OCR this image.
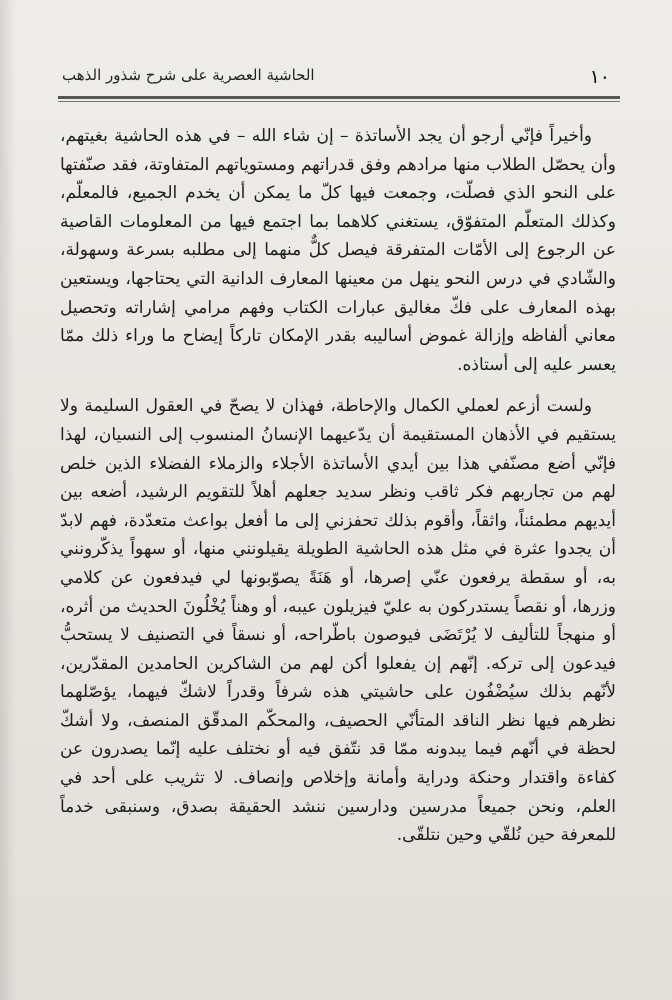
الحاشية العصرية على شرح شذور الذهب	١٠

وأخيراً فإنّي أرجو أن يجد الأساتذة – إن شاء الله – في هذه الحاشية بغيتهم، وأن يحصّل الطلاب منها مرادهم وفق قدراتهم ومستوياتهم المتفاوتة، فقد صنّفتها على النحو الذي فصلّت، وجمعت فيها كلّ ما يمكن أن يخدم الجميع، فالمعلّم، وكذلك المتعلّم المتفوّق، يستغني كلاهما بما اجتمع فيها من المعلومات القاصية عن الرجوع إلى الأمّات المتفرقة فيصل كلٌّ منهما إلى مطلبه بسرعة وسهولة، والشّادي في درس النحو ينهل من معينها المعارف الدانية التي يحتاجها، ويستعين بهذه المعارف على فكّ مغاليق عبارات الكتاب وفهم مرامي إشاراته وتحصيل معاني ألفاظه وإزالة غموض أساليبه بقدر الإمكان تاركاً إيضاح ما وراء ذلك ممّا يعسر عليه إلى أستاذه.

ولست أزعم لعملي الكمال والإحاطة، فهذان لا يصحّ في العقول السليمة ولا يستقيم في الأذهان المستقيمة أن يدّعيهما الإنسانُ المنسوب إلى النسيان، لهذا فإنّي أضع مصنّفي هذا بين أيدي الأساتذة الأجلاء والزملاء الفضلاء الذين خلص لهم من تجاربهم فكر ثاقب ونظر سديد جعلهم أهلاً للتقويم الرشيد، أضعه بين أيديهم مطمئناً، واثقاً، وأقوم بذلك تحفزني إلى ما أفعل بواعث متعدّدة، فهم لابدّ أن يجدوا عثرة في مثل هذه الحاشية الطويلة يقيلونني منها، أو سهواً يذكّرونني به، أو سقطة يرفعون عنّي إصرها، أو هَنَةً يصوّبونها لي فيدفعون عن كلامي وزرها، أو نقصاً يستدركون به عليّ فيزيلون عيبه، أو وهناً يُخْلُونَ الحديث من أثره، أو منهجاً للتأليف لا يُرْتَضَى فيوصون باطّراحه، أو نسقاً في التصنيف لا يستحبُّ فيدعون إلى تركه. إنّهم إن يفعلوا أكن لهم من الشاكرين الحامدين المقدّرين، لأنّهم بذلك سيُضْفُون على حاشيتي هذه شرفاً وقدراً لاشكّ فيهما، يؤصّلهما نظرهم فيها نظر الناقد المتأنّي الحصيف، والمحكّم المدقّق المنصف، ولا أشكّ لحظة في أنّهم فيما يبدونه ممّا قد نتّفق فيه أو نختلف عليه إنّما يصدرون عن كفاءة واقتدار وحنكة ودراية وأمانة وإخلاص وإنصاف. لا تثريب على أحد في العلم، ونحن جميعاً مدرسين ودارسين ننشد الحقيقة بصدق، وسنبقى خدماً للمعرفة حين نُلقّي وحين نتلقّى.
